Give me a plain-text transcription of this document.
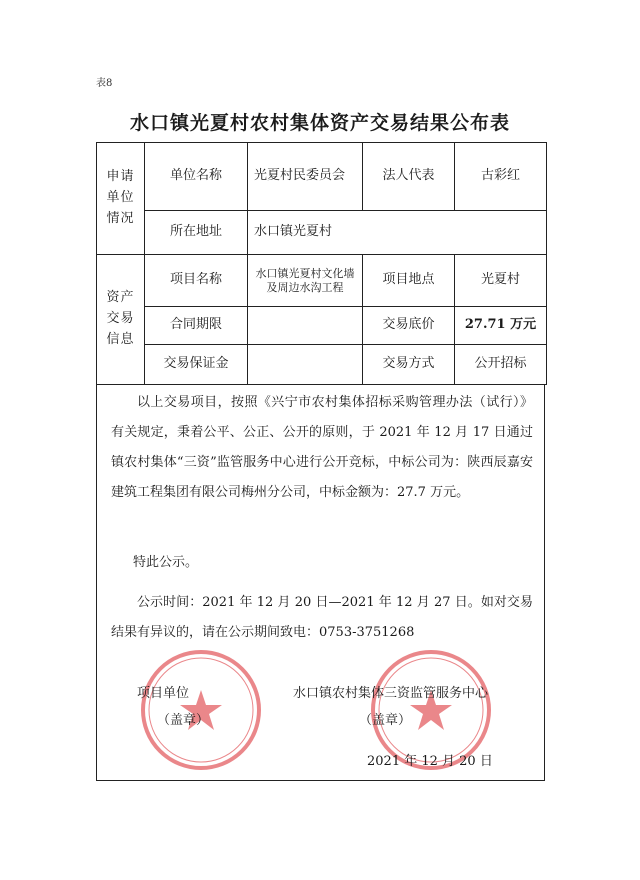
表8
水口镇光夏村农村集体资产交易结果公布表
申请单位情况	单位名称	光夏村民委员会	法人代表	古彩红
	所在地址	水口镇光夏村		
资产交易信息	项目名称	水口镇光夏村文化墙及周边水沟工程	项目地点	光夏村
	合同期限		交易底价	27.71 万元
	交易保证金		交易方式	公开招标
以上交易项目，按照《兴宁市农村集体招标采购管理办法（试行）》有关规定，秉着公平、公正、公开的原则，于 2021 年 12 月 17 日通过镇农村集体“三资”监管服务中心进行公开竞标，中标公司为：陕西辰嘉安建筑工程集团有限公司梅州分公司，中标金额为：27.7 万元。
特此公示。
公示时间：2021 年 12 月 20 日—2021 年 12 月 27 日。如对交易结果有异议的，请在公示期间致电：0753-3751268
项目单位
（盖章）
水口镇农村集体三资监管服务中心
（盖章）
2021 年 12 月 20 日
